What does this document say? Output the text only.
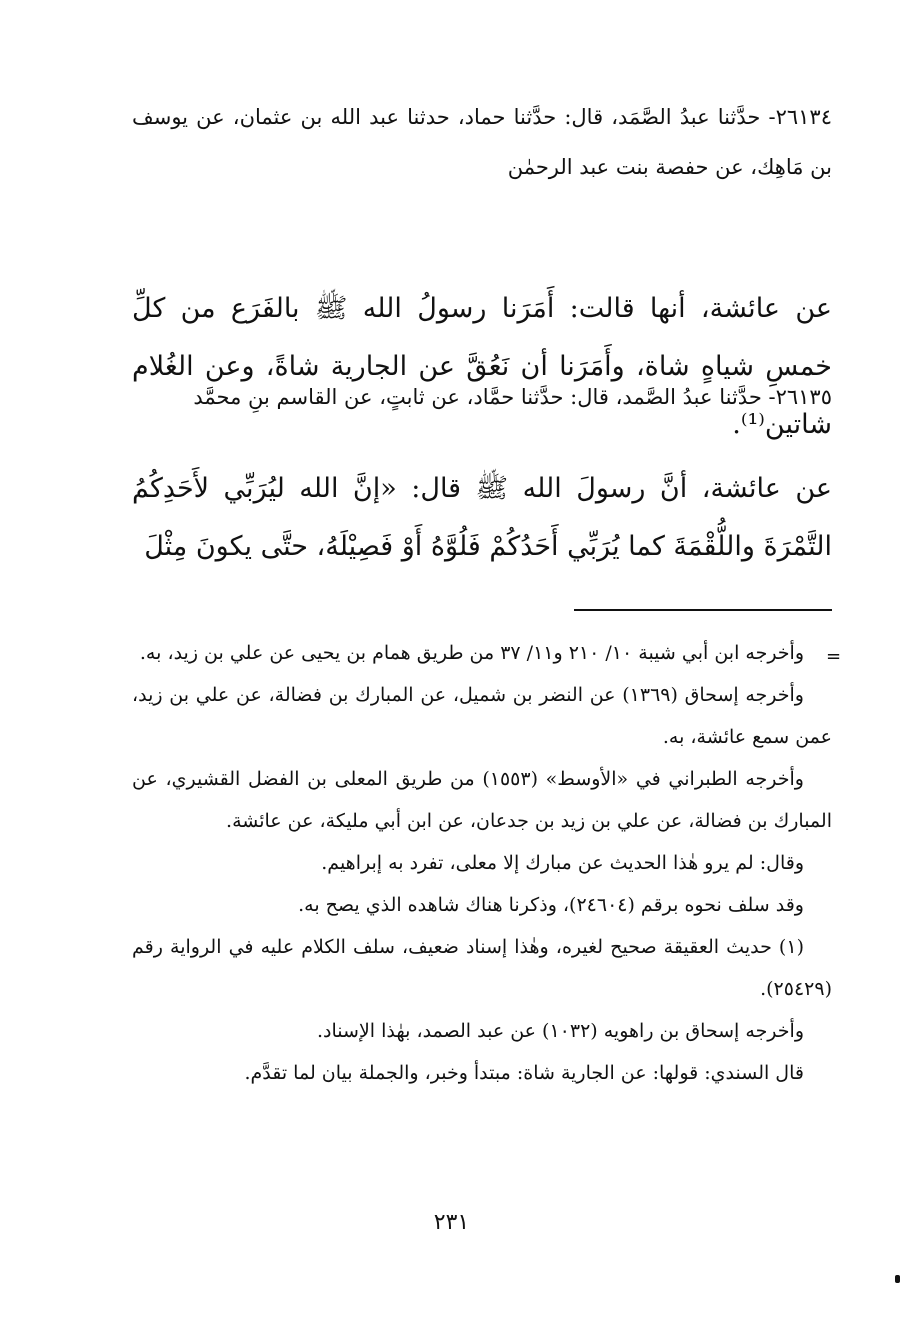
٢٦١٣٤- حدَّثنا عبدُ الصَّمَد، قال: حدَّثنا حماد، حدثنا عبد الله بن عثمان، عن يوسف بن مَاهِك، عن حفصة بنت عبد الرحمٰن

عن عائشة، أنها قالت: أَمَرَنا رسولُ الله ﷺ بالفَرَع من كلِّ خمسِ شياهٍ شاة، وأَمَرَنا أن نَعُقَّ عن الجارية شاةً، وعن الغُلام شاتين⁽¹⁾.

٢٦١٣٥- حدَّثنا عبدُ الصَّمد، قال: حدَّثنا حمَّاد، عن ثابتٍ، عن القاسم بنِ محمَّد

عن عائشة، أنَّ رسولَ الله ﷺ قال: «إنَّ الله ليُرَبِّي لأَحَدِكُمُ التَّمْرَةَ واللُّقْمَةَ كما يُرَبِّي أَحَدُكُمْ فَلُوَّهُ أَوْ فَصِيْلَهُ، حتَّى يكونَ مِثْلَ

=

وأخرجه ابن أبي شيبة ١٠/ ٢١٠ و١١/ ٣٧ من طريق همام بن يحيى عن علي بن زيد، به.

وأخرجه إسحاق (١٣٦٩) عن النضر بن شميل، عن المبارك بن فضالة، عن علي بن زيد، عمن سمع عائشة، به.

وأخرجه الطبراني في «الأوسط» (١٥٥٣) من طريق المعلى بن الفضل القشيري، عن المبارك بن فضالة، عن علي بن زيد بن جدعان، عن ابن أبي مليكة، عن عائشة.

وقال: لم يرو هٰذا الحديث عن مبارك إلا معلى، تفرد به إبراهيم.

وقد سلف نحوه برقم (٢٤٦٠٤)، وذكرنا هناك شاهده الذي يصح به.

(١) حديث العقيقة صحيح لغيره، وهٰذا إسناد ضعيف، سلف الكلام عليه في الرواية رقم (٢٥٤٢٩).

وأخرجه إسحاق بن راهويه (١٠٣٢) عن عبد الصمد، بهٰذا الإسناد.

قال السندي: قولها: عن الجارية شاة: مبتدأ وخبر، والجملة بيان لما تقدَّم.

٢٣١
